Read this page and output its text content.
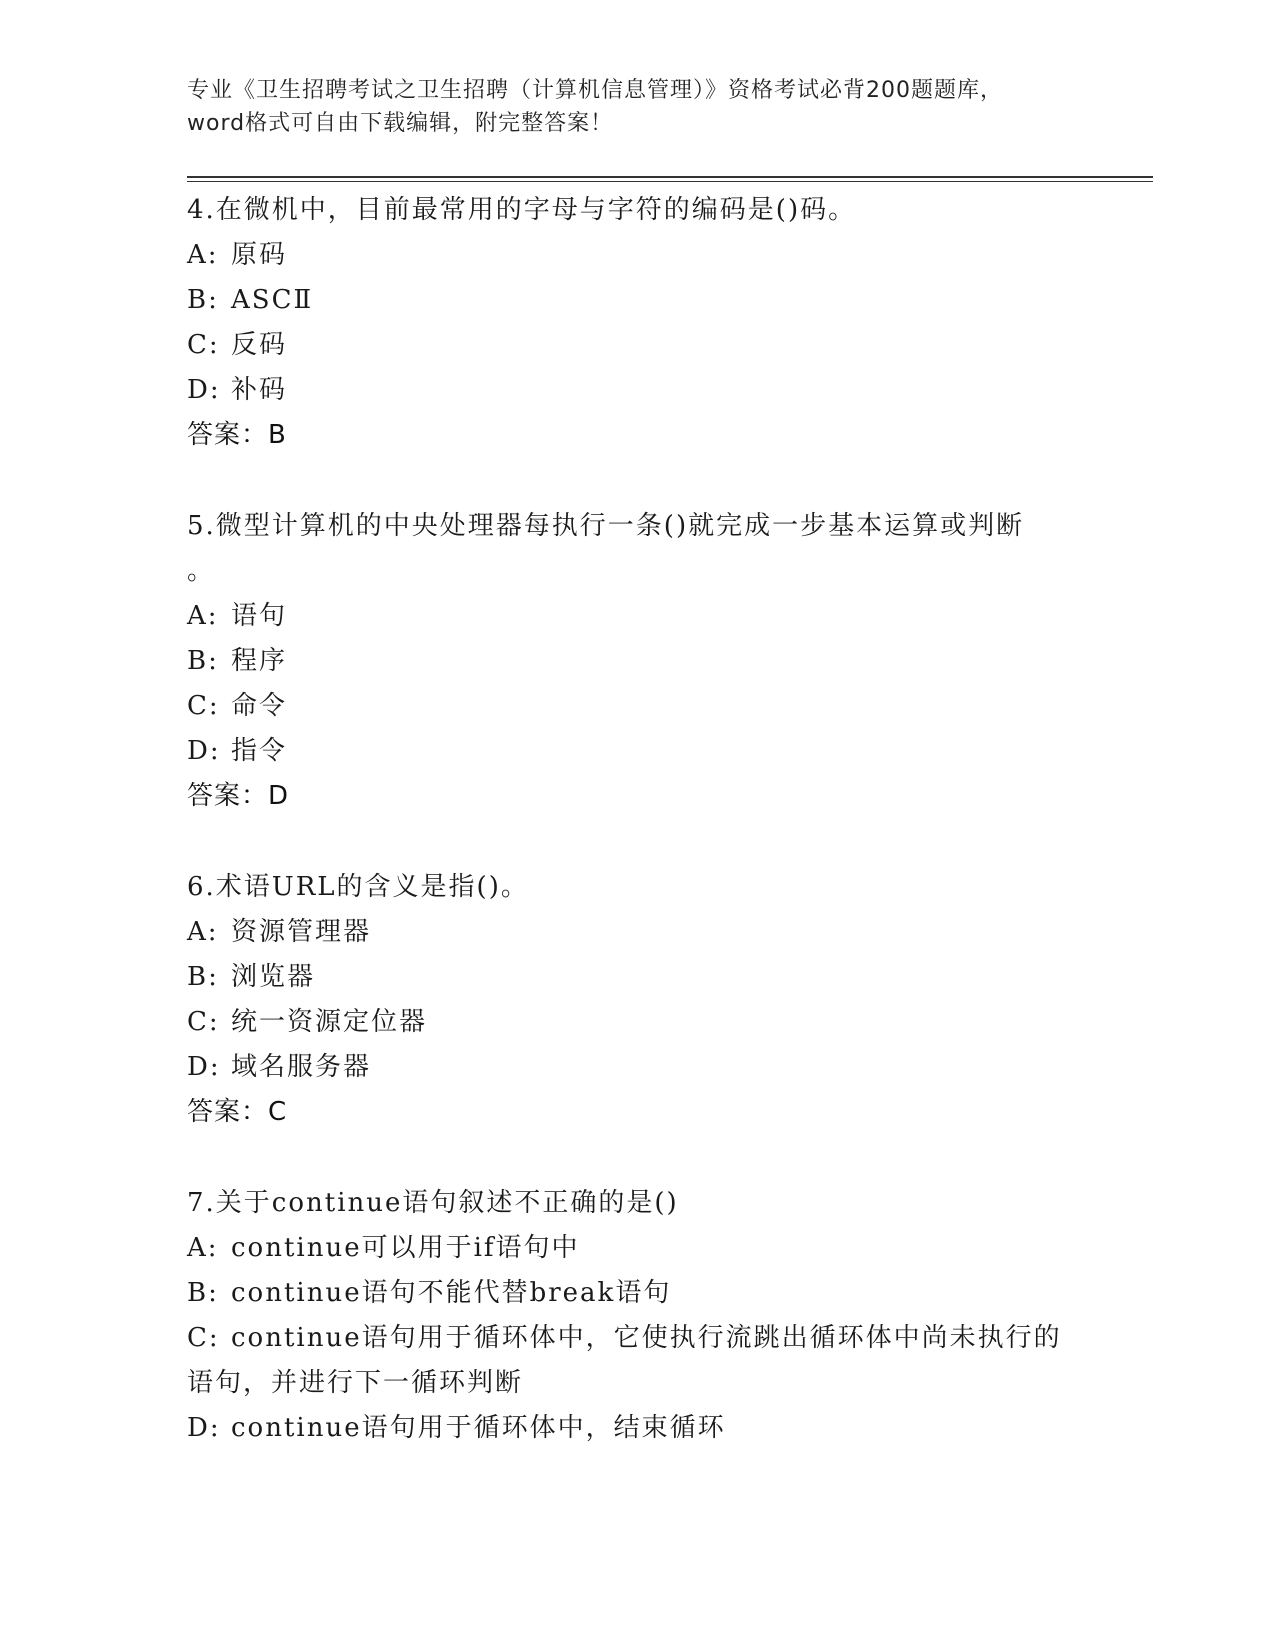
专业《卫生招聘考试之卫生招聘（计算机信息管理）》资格考试必背200题题库，
word格式可自由下载编辑，附完整答案！
4.在微机中，目前最常用的字母与字符的编码是()码。
A: 原码
B: ASCⅡ
C: 反码
D: 补码
答案：B
5.微型计算机的中央处理器每执行一条()就完成一步基本运算或判断
。
A: 语句
B: 程序
C: 命令
D: 指令
答案：D
6.术语URL的含义是指()。
A: 资源管理器
B: 浏览器
C: 统一资源定位器
D: 域名服务器
答案：C
7.关于continue语句叙述不正确的是()
A: continue可以用于if语句中
B: continue语句不能代替break语句
C: continue语句用于循环体中，它使执行流跳出循环体中尚未执行的
语句，并进行下一循环判断
D: continue语句用于循环体中，结束循环
